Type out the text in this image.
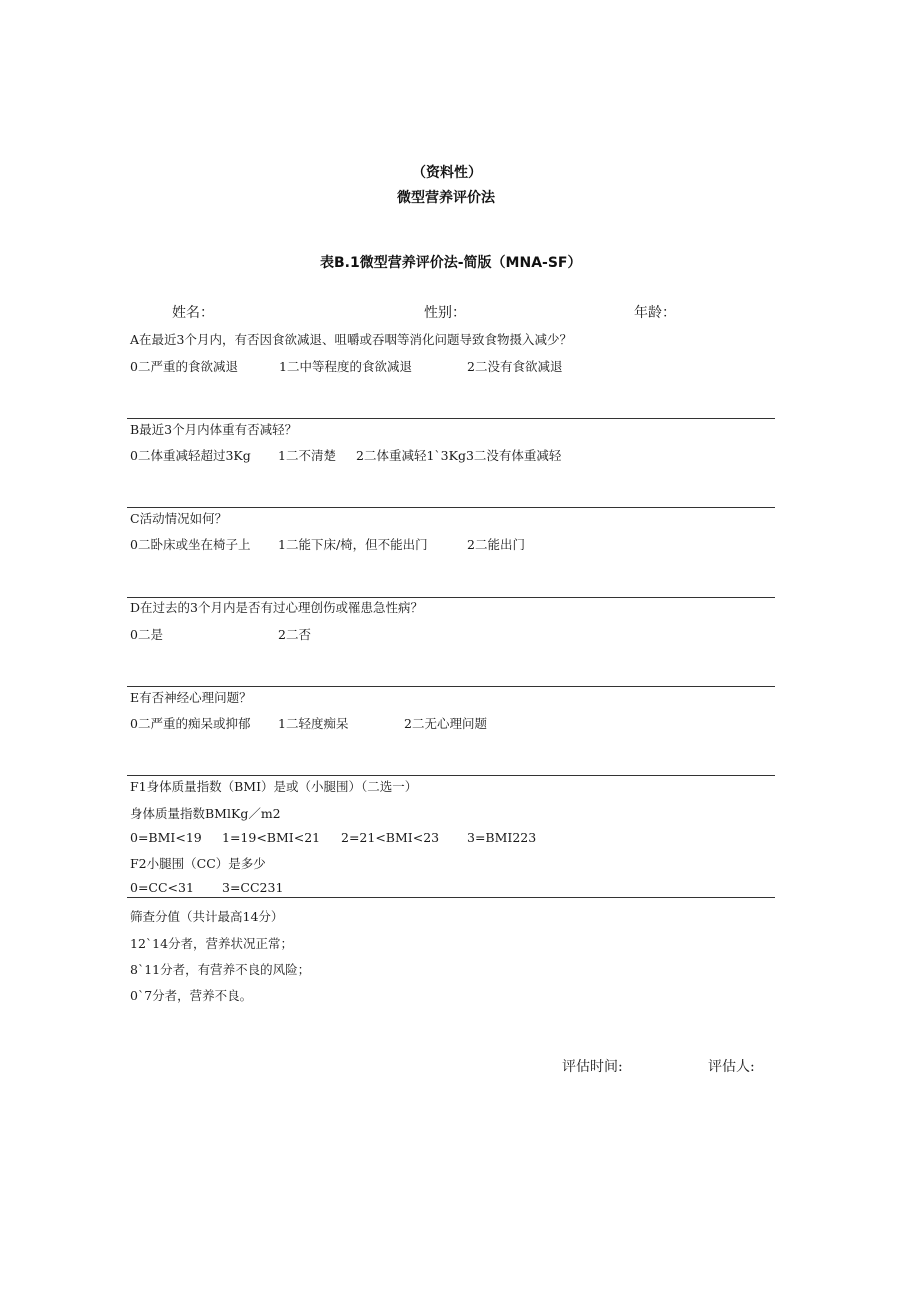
（资料性）
微型营养评价法
表B.1微型营养评价法-简版（MNA-SF）
姓名：	性别：	年龄：
A在最近3个月内，有否因食欲减退、咀嚼或吞咽等消化问题导致食物摄入减少？
0二严重的食欲减退	1二中等程度的食欲减退	2二没有食欲减退
B最近3个月内体重有否减轻？
0二体重减轻超过3Kg 1二不清楚 2二体重减轻1`3Kg3二没有体重减轻
C活动情况如何？
0二卧床或坐在椅子上 1二能下床/椅，但不能出门	2二能出门
D在过去的3个月内是否有过心理创伤或罹患急性病？
0二是	2二否
E有否神经心理问题？
0二严重的痴呆或抑郁 1二轻度痴呆	2二无心理问题
F1身体质量指数（BMI）是或（小腿围）（二选一）
身体质量指数BMlKg／m2
0=BMI<19 1=19<BMI<21 2=21<BMI<23 3=BMI223
F2小腿围（CC）是多少
0=CC<31 3=CC231
筛查分值（共计最高14分）
12`14分者，营养状况正常；
8`11分者，有营养不良的风险；
0`7分者，营养不良。
评估时间:	评估人:
